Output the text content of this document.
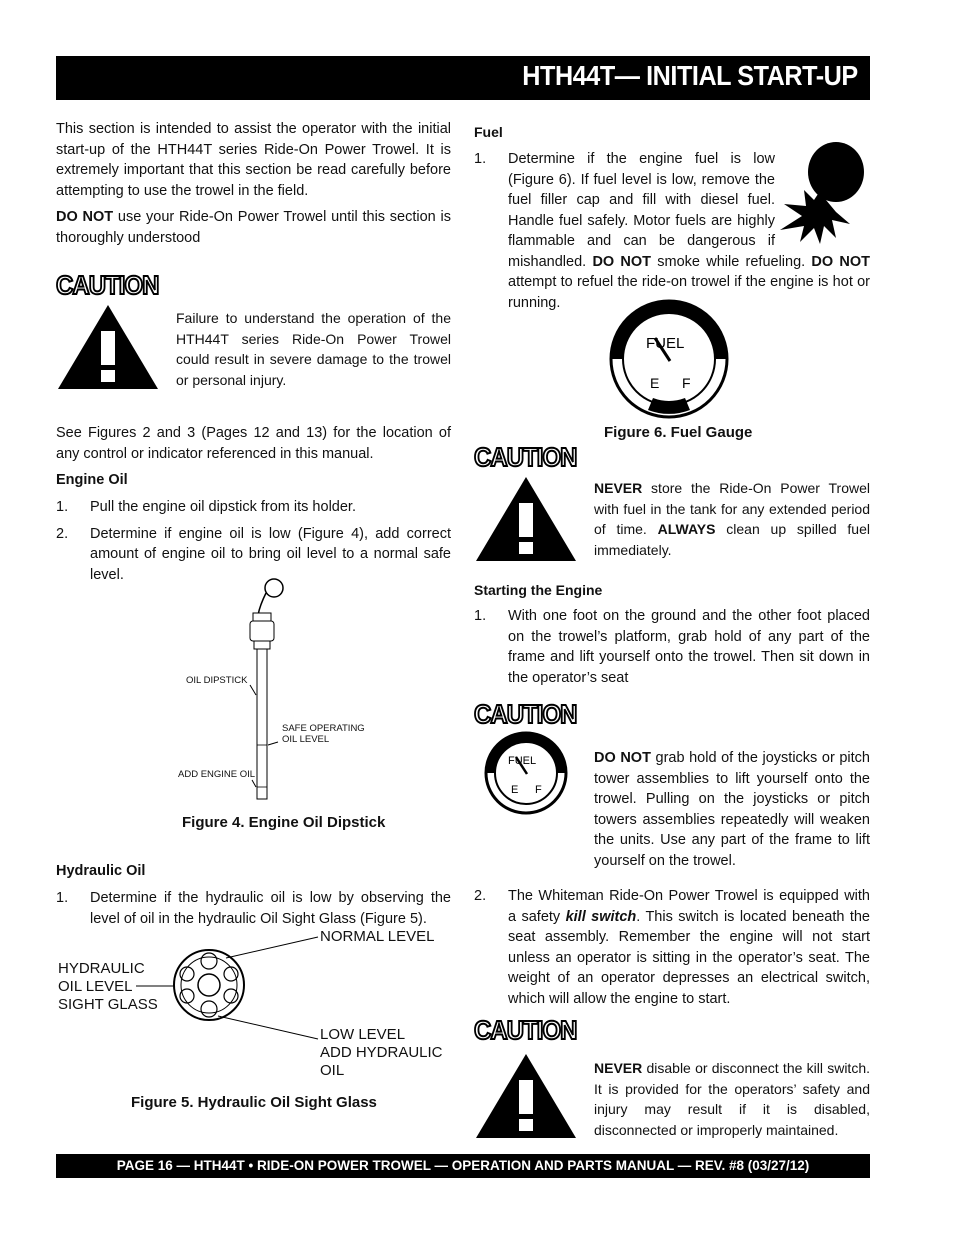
HTH44T— INITIAL START-UP

This section is intended to assist the operator with the initial start-up of the HTH44T series Ride-On Power Trowel. It is extremely important that this section be read carefully before attempting to use the trowel in the field.

DO NOT use your Ride-On Power Trowel until this section is thoroughly understood

CAUTION

Failure to understand the operation of the HTH44T series Ride-On Power Trowel could result in severe damage to the trowel or personal injury.

See Figures 2 and 3 (Pages 12 and 13) for the location of any control or indicator referenced in this manual.

Engine Oil
1.	Pull the engine oil dipstick from its holder.
2.	Determine if engine oil is low (Figure 4), add correct amount of engine oil to bring oil level to a normal safe level.
OIL DIPSTICK
SAFE OPERATING
OIL LEVEL
ADD ENGINE OIL
Figure 4. Engine Oil Dipstick
Hydraulic Oil
1.	Determine if the hydraulic oil is low by observing the level of oil in the hydraulic Oil Sight Glass (Figure 5).
NORMAL LEVEL
HYDRAULIC
OIL LEVEL
SIGHT GLASS
LOW LEVEL
ADD HYDRAULIC
OIL
Figure 5. Hydraulic Oil Sight Glass
Fuel
1.	Determine if the engine fuel is low (Figure 6). If fuel level is low, remove the fuel filler cap and fill with diesel fuel. Handle fuel safely. Motor fuels are highly flammable and can be dangerous if mishandled. DO NOT smoke while refueling. DO NOT attempt to refuel the ride-on trowel if the engine is hot or running.
FUEL
E F
Figure 6. Fuel Gauge
CAUTION

NEVER store the Ride-On Power Trowel with fuel in the tank for any extended period of time. ALWAYS clean up spilled fuel immediately.

Starting the Engine
1.	With one foot on the ground and the other foot placed on the trowel’s platform, grab hold of any part of the frame and lift yourself onto the trowel. Then sit down in the operator’s seat
CAUTION
FUEL
E F

DO NOT grab hold of the joysticks or pitch tower assemblies to lift yourself onto the trowel. Pulling on the joysticks or pitch towers assemblies repeatedly will weaken the units. Use any part of the frame to lift yourself on the trowel.

2.	The Whiteman Ride-On Power Trowel is equipped with a safety kill switch. This switch is located beneath the seat assembly. Remember the engine will not start unless an operator is sitting in the operator’s seat. The weight of an operator depresses an electrical switch, which will allow the engine to start.
CAUTION

NEVER disable or disconnect the kill switch. It is provided for the operators’ safety and injury may result if it is disabled, disconnected or improperly maintained.

PAGE 16 — HTH44T • RIDE-ON POWER TROWEL — OPERATION AND PARTS MANUAL — REV. #8 (03/27/12)
